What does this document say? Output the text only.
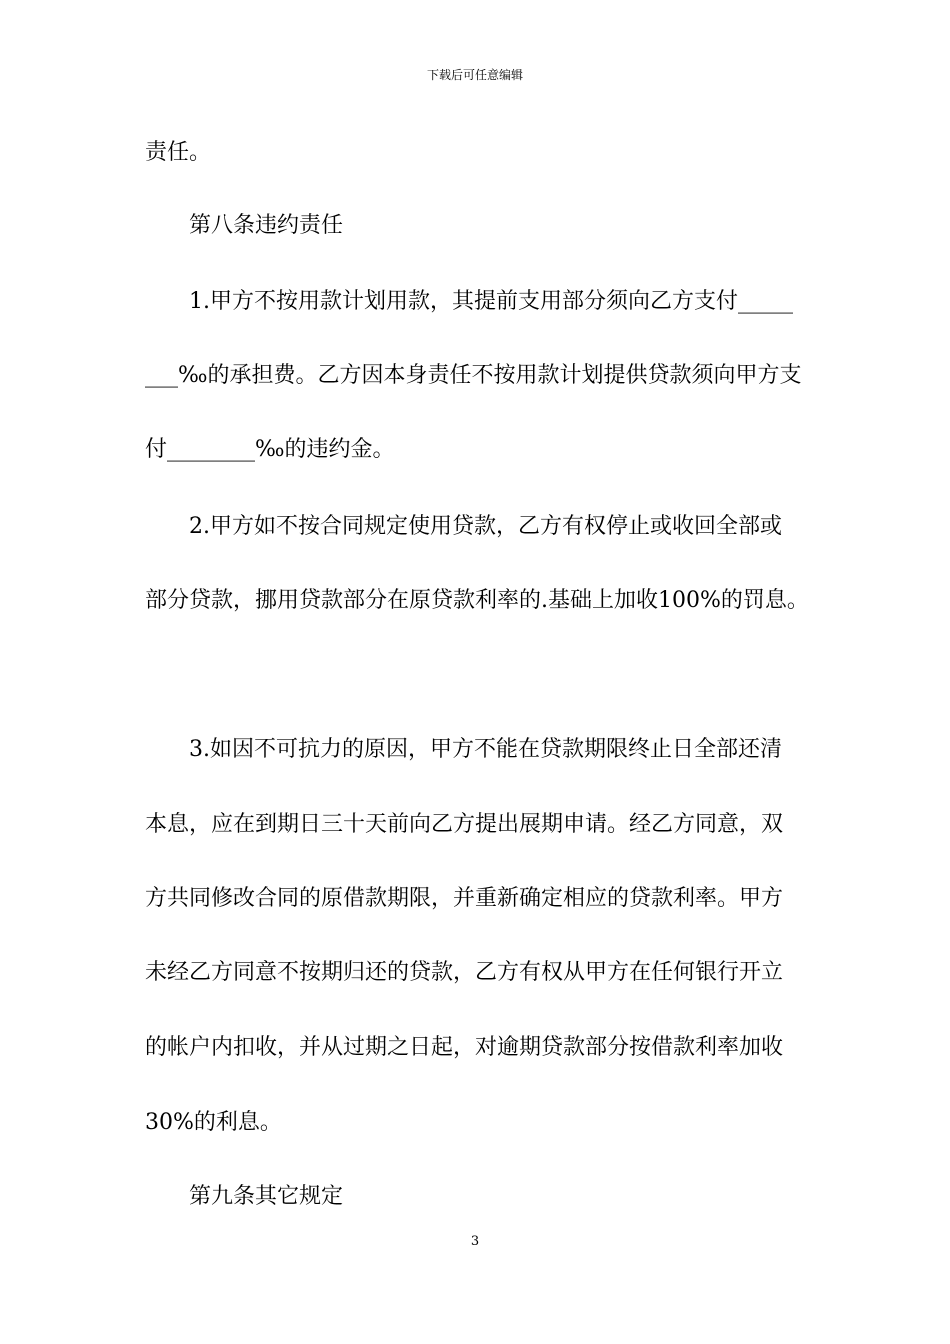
下载后可任意编辑
责任。
第八条违约责任
1.甲方不按用款计划用款，其提前支用部分须向乙方支付_____
___‰的承担费。乙方因本身责任不按用款计划提供贷款须向甲方支
付________‰的违约金。
2.甲方如不按合同规定使用贷款，乙方有权停止或收回全部或
部分贷款，挪用贷款部分在原贷款利率的.基础上加收100%的罚息。
3.如因不可抗力的原因，甲方不能在贷款期限终止日全部还清
本息，应在到期日三十天前向乙方提出展期申请。经乙方同意，双
方共同修改合同的原借款期限，并重新确定相应的贷款利率。甲方
未经乙方同意不按期归还的贷款，乙方有权从甲方在任何银行开立
的帐户内扣收，并从过期之日起，对逾期贷款部分按借款利率加收
30%的利息。
第九条其它规定
3
